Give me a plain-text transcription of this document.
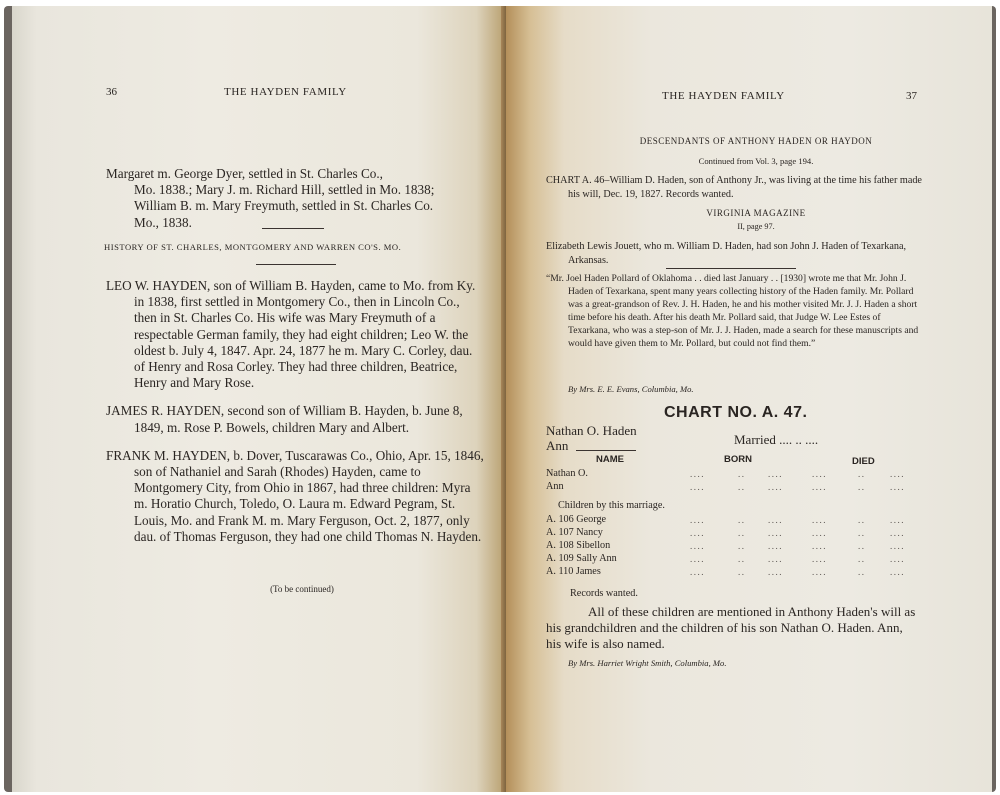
36	THE HAYDEN FAMILY
Margaret m. George Dyer, settled in St. Charles Co.,
Mo. 1838.; Mary J. m. Richard Hill, settled in Mo. 1838;
William B. m. Mary Freymuth, settled in St. Charles Co.
Mo., 1838.
HISTORY OF ST. CHARLES, MONTGOMERY AND WARREN CO'S. MO.

LEO W. HAYDEN, son of William B. Hayden, came to Mo. from Ky. in 1838, first settled in Montgomery Co., then in Lincoln Co., then in St. Charles Co. His wife was Mary Freymuth of a respectable German family, they had eight children; Leo W. the oldest b. July 4, 1847. Apr. 24, 1877 he m. Mary C. Corley, dau. of Henry and Rosa Corley. They had three children, Beatrice, Henry and Mary Rose.

JAMES R. HAYDEN, second son of William B. Hayden, b. June 8, 1849, m. Rose P. Bowels, children Mary and Albert.

FRANK M. HAYDEN, b. Dover, Tuscarawas Co., Ohio, Apr. 15, 1846, son of Nathaniel and Sarah (Rhodes) Hayden, came to Montgomery City, from Ohio in 1867, had three children: Myra m. Horatio Church, Toledo, O. Laura m. Edward Pegram, St. Louis, Mo. and Frank M. m. Mary Ferguson, Oct. 2, 1877, only dau. of Thomas Ferguson, they had one child Thomas N. Hayden.

(To be continued)
THE HAYDEN FAMILY	37
DESCENDANTS OF ANTHONY HADEN OR HAYDON
Continued from Vol. 3, page 194.

CHART A. 46–William D. Haden, son of Anthony Jr., was living at the time his father made his will, Dec. 19, 1827. Records wanted.

VIRGINIA MAGAZINE
II, page 97.

Elizabeth Lewis Jouett, who m. William D. Haden, had son John J. Haden of Texarkana, Arkansas.

“Mr. Joel Haden Pollard of Oklahoma . . died last January . . [1930] wrote me that Mr. John J. Haden of Texarkana, spent many years collecting history of the Haden family. Mr. Pollard was a great-grandson of Rev. J. H. Haden, he and his mother visited Mr. J. J. Haden a short time before his death. After his death Mr. Pollard said, that Judge W. Lee Estes of Texarkana, who was a step-son of Mr. J. J. Haden, made a search for these manuscripts and would have given them to Mr. Pollard, but could not find them.”

By Mrs. E. E. Evans, Columbia, Mo.
CHART NO. A. 47.
Nathan O. Haden
Ann	Married .... .. ....
NAME	BORN	DIED
Nathan O.	....	..	....	....	..	....
Ann	....	..	....	....	..	....
A. 106 George	....	..	....	....	..	....
A. 107 Nancy	....	..	....	....	..	....
A. 108 Sibellon	....	..	....	....	..	....
A. 109 Sally Ann	....	..	....	....	..	....
A. 110 James	....	..	....	....	..	....
Children by this marriage.
Records wanted.
All of these children are mentioned in Anthony Haden's will as his grandchildren and the children of his son Nathan O. Haden. Ann, his wife is also named.
By Mrs. Harriet Wright Smith, Columbia, Mo.
